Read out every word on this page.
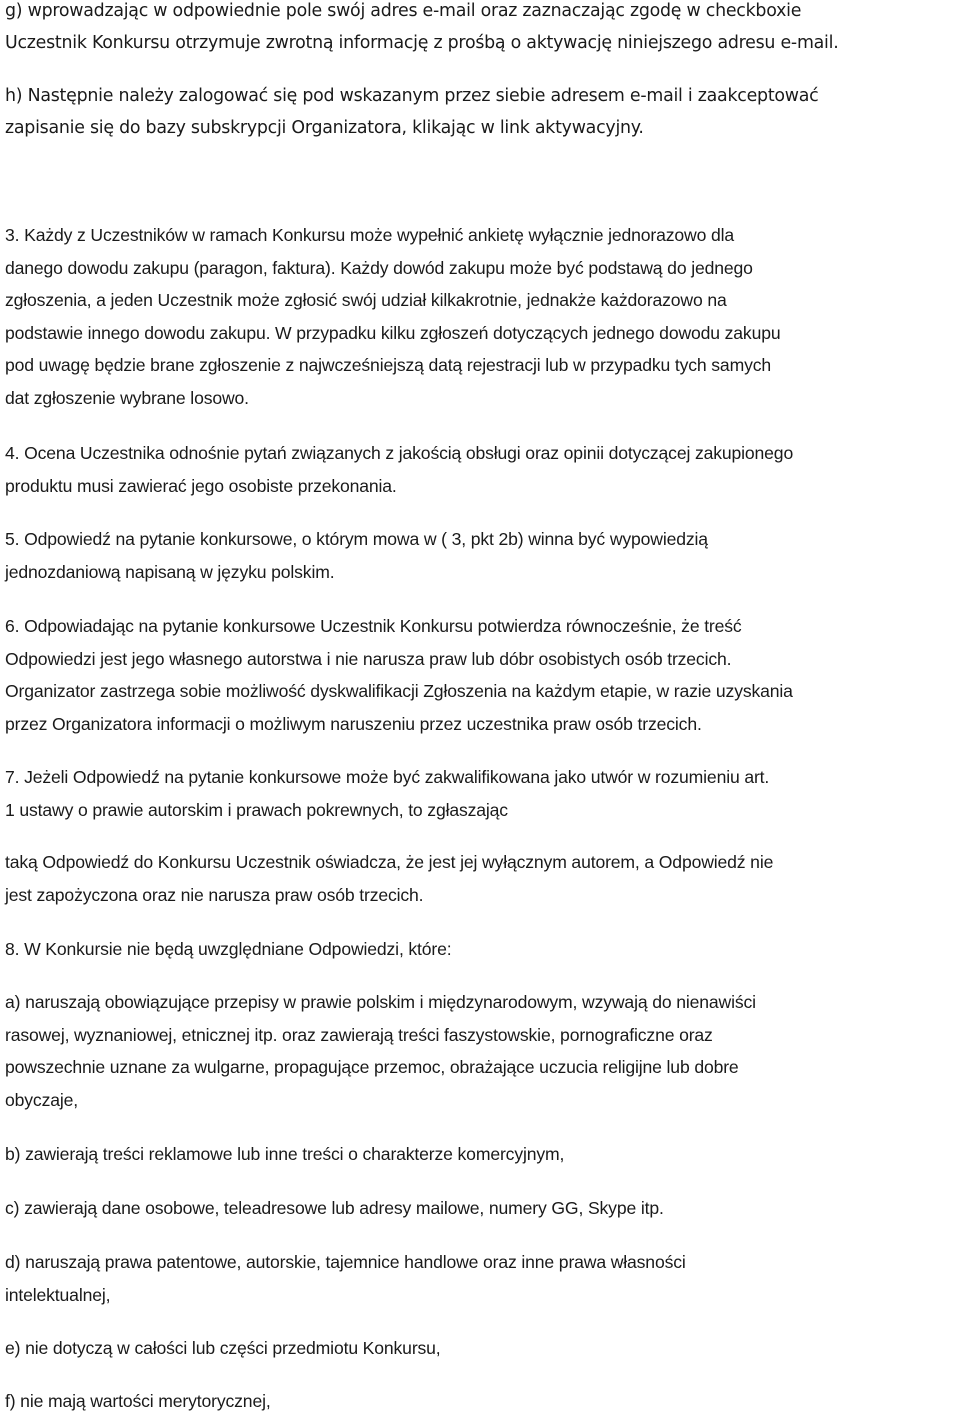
g) wprowadzając w odpowiednie pole swój adres e-mail oraz zaznaczając zgodę w checkboxie
Uczestnik Konkursu otrzymuje zwrotną informację z prośbą o aktywację niniejszego adresu e-mail.

h) Następnie należy zalogować się pod wskazanym przez siebie adresem e-mail i zaakceptować
zapisanie się do bazy subskrypcji Organizatora, klikając w link aktywacyjny.

3. Każdy z Uczestników w ramach Konkursu może wypełnić ankietę wyłącznie jednorazowo dla
danego dowodu zakupu (paragon, faktura). Każdy dowód zakupu może być podstawą do jednego
zgłoszenia, a jeden Uczestnik może zgłosić swój udział kilkakrotnie, jednakże każdorazowo na
podstawie innego dowodu zakupu. W przypadku kilku zgłoszeń dotyczących jednego dowodu zakupu
pod uwagę będzie brane zgłoszenie z najwcześniejszą datą rejestracji lub w przypadku tych samych
dat zgłoszenie wybrane losowo.

4. Ocena Uczestnika odnośnie pytań związanych z jakością obsługi oraz opinii dotyczącej zakupionego
produktu musi zawierać jego osobiste przekonania.

5. Odpowiedź na pytanie konkursowe, o którym mowa w ( 3, pkt 2b) winna być wypowiedzią
jednozdaniową napisaną w języku polskim.

6. Odpowiadając na pytanie konkursowe Uczestnik Konkursu potwierdza równocześnie, że treść
Odpowiedzi jest jego własnego autorstwa i nie narusza praw lub dóbr osobistych osób trzecich.
Organizator zastrzega sobie możliwość dyskwalifikacji Zgłoszenia na każdym etapie, w razie uzyskania
przez Organizatora informacji o możliwym naruszeniu przez uczestnika praw osób trzecich.

7. Jeżeli Odpowiedź na pytanie konkursowe może być zakwalifikowana jako utwór w rozumieniu art.
1 ustawy o prawie autorskim i prawach pokrewnych, to zgłaszając

taką Odpowiedź do Konkursu Uczestnik oświadcza, że jest jej wyłącznym autorem, a Odpowiedź nie
jest zapożyczona oraz nie narusza praw osób trzecich.

8. W Konkursie nie będą uwzględniane Odpowiedzi, które:

a) naruszają obowiązujące przepisy w prawie polskim i międzynarodowym, wzywają do nienawiści
rasowej, wyznaniowej, etnicznej itp. oraz zawierają treści faszystowskie, pornograficzne oraz
powszechnie uznane za wulgarne, propagujące przemoc, obrażające uczucia religijne lub dobre
obyczaje,

b) zawierają treści reklamowe lub inne treści o charakterze komercyjnym,

c) zawierają dane osobowe, teleadresowe lub adresy mailowe, numery GG, Skype itp.

d) naruszają prawa patentowe, autorskie, tajemnice handlowe oraz inne prawa własności
intelektualnej,

e) nie dotyczą w całości lub części przedmiotu Konkursu,

f) nie mają wartości merytorycznej,
